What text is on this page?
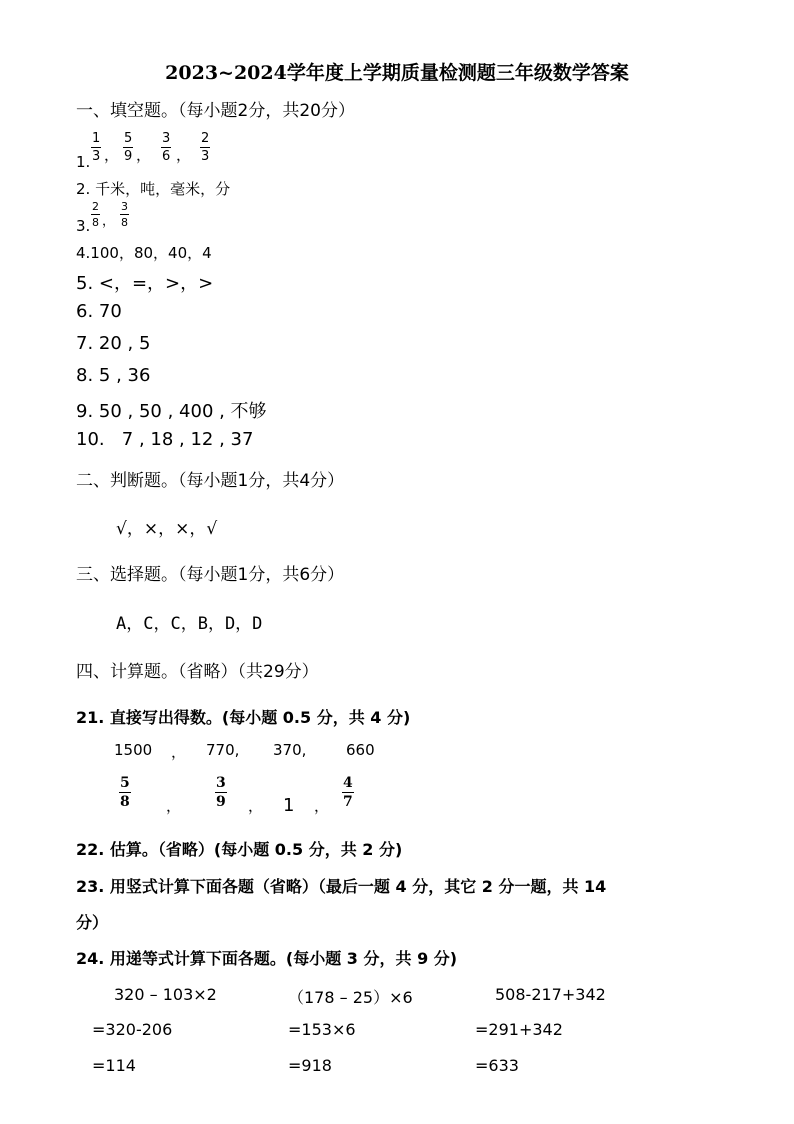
2023~2024学年度上学期质量检测题三年级数学答案
一、填空题。（每小题2分，共20分）
1.
1
3 ，
5
9 ，
3
6 ，
2
3
2. 千米，吨，毫米，分
3.
2
8 ，
3
8
4.100，80，40，4
5. <，=，>，>
6. 70
7. 20 , 5
8. 5 , 36
9. 50 , 50 , 400 , 不够
10.   7 , 18 , 12 , 37
二、判断题。（每小题1分，共4分）
√，×，×，√
三、选择题。（每小题1分，共6分）
A，C，C，B，D，D
四、计算题。（省略）（共29分）
21. 直接写出得数。(每小题 0.5 分，共 4 分)
1500 ， 770, 370,	660
5
8 ，
3
9 ， 1 ，
4
7
22. 估算。（省略）(每小题 0.5 分，共 2 分)
23. 用竖式计算下面各题（省略）（最后一题 4 分，其它 2 分一题，共 14
分）
24. 用递等式计算下面各题。(每小题 3 分，共 9 分)
320 – 103×2
=320-206
=114
（178 – 25）×6
=153×6
=918
508-217+342
=291+342
=633
